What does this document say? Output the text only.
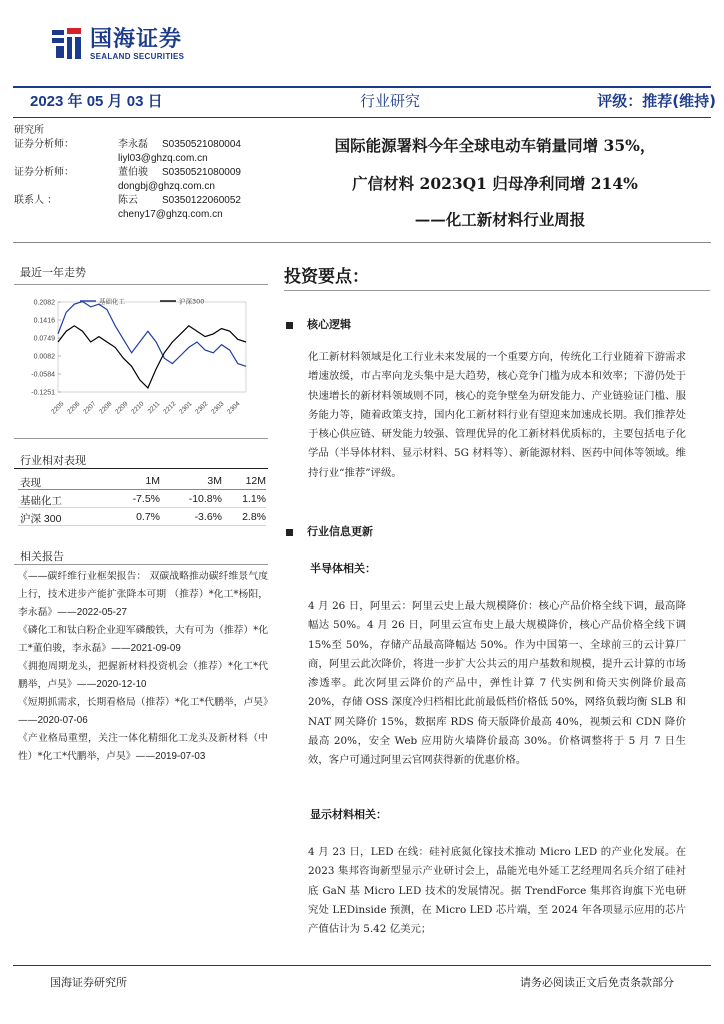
国海证券
SEALAND SECURITIES
2023 年 05 月 03 日	行业研究	评级：推荐(维持)
研究所
证券分析师：	李永磊 S0350521080004
liyl03@ghzq.com.cn
证券分析师：	董伯骏 S0350521080009
dongbj@ghzq.com.cn
联系人 ：	陈云 S0350122060052
cheny17@ghzq.com.cn
国际能源署料今年全球电动车销量同增 35%，
广信材料 2023Q1 归母净利同增 214%
——化工新材料行业周报
最近一年走势
0.2082
0.1416
0.0749
0.0082
-0.0584
-0.1251
2205 2206 2207 2208 2209 2210 2211 2212 2301 2302 2303 2304
基础化工	沪深300
行业相对表现
表现	1M	3M	12M
基础化工	-7.5%	-10.8%	1.1%
沪深 300	0.7%	-3.6%	2.8%
相关报告
《——碳纤维行业框架报告： 双碳战略推动碳纤维景气度上行，技术进步产能扩张降本可期 （推荐）*化工*杨阳，李永磊》——2022-05-27
《磷化工和钛白粉企业迎军磷酸铁，大有可为（推荐）*化工*董伯骏，李永磊》——2021-09-09
《拥抱周期龙头，把握新材料投资机会（推荐）*化工*代鹏举，卢昊》——2020-12-10
《短期抓需求，长期看格局（推荐）*化工*代鹏举，卢昊》——2020-07-06
《产业格局重塑，关注一体化精细化工龙头及新材料（中性）*化工*代鹏举，卢昊》——2019-07-03
投资要点：
核心逻辑
化工新材料领域是化工行业未来发展的一个重要方向，传统化工行业随着下游需求增速放缓，市占率向龙头集中是大趋势，核心竞争门槛为成本和效率；下游仍处于快速增长的新材料领域则不同，核心的竞争壁垒为研发能力、产业链验证门槛、服务能力等，随着政策支持，国内化工新材料行业有望迎来加速成长期。我们推荐处于核心供应链、研发能力较强、管理优异的化工新材料优质标的，主要包括电子化学品（半导体材料、显示材料、5G 材料等）、新能源材料、医药中间体等领域。维持行业“推荐”评级。
行业信息更新
半导体相关：
4 月 26 日，阿里云：阿里云史上最大规模降价：核心产品价格全线下调，最高降幅达 50%。4 月 26 日，阿里云宣布史上最大规模降价，核心产品价格全线下调 15%至 50%，存储产品最高降幅达 50%。作为中国第一、全球前三的云计算厂商，阿里云此次降价，将进一步扩大公共云的用户基数和规模，提升云计算的市场渗透率。此次阿里云降价的产品中，弹性计算 7 代实例和倚天实例降价最高 20%，存储 OSS 深度冷归档相比此前最低档价格低 50%，网络负载均衡 SLB 和 NAT 网关降价 15%，数据库 RDS 倚天版降价最高 40%，视频云和 CDN 降价最高 20%，安全 Web 应用防火墙降价最高 30%。价格调整将于 5 月 7 日生效，客户可通过阿里云官网获得新的优惠价格。
显示材料相关：
4 月 23 日，LED 在线：硅衬底氮化镓技术推动 Micro LED 的产业化发展。在 2023 集邦咨询新型显示产业研讨会上，晶能光电外延工艺经理周名兵介绍了硅衬底 GaN 基 Micro LED 技术的发展情况。据 TrendForce 集邦咨询旗下光电研究处 LEDinside 预测，在 Micro LED 芯片端，至 2024 年各项显示应用的芯片产值估计为 5.42 亿美元；
国海证券研究所	请务必阅读正文后免责条款部分
